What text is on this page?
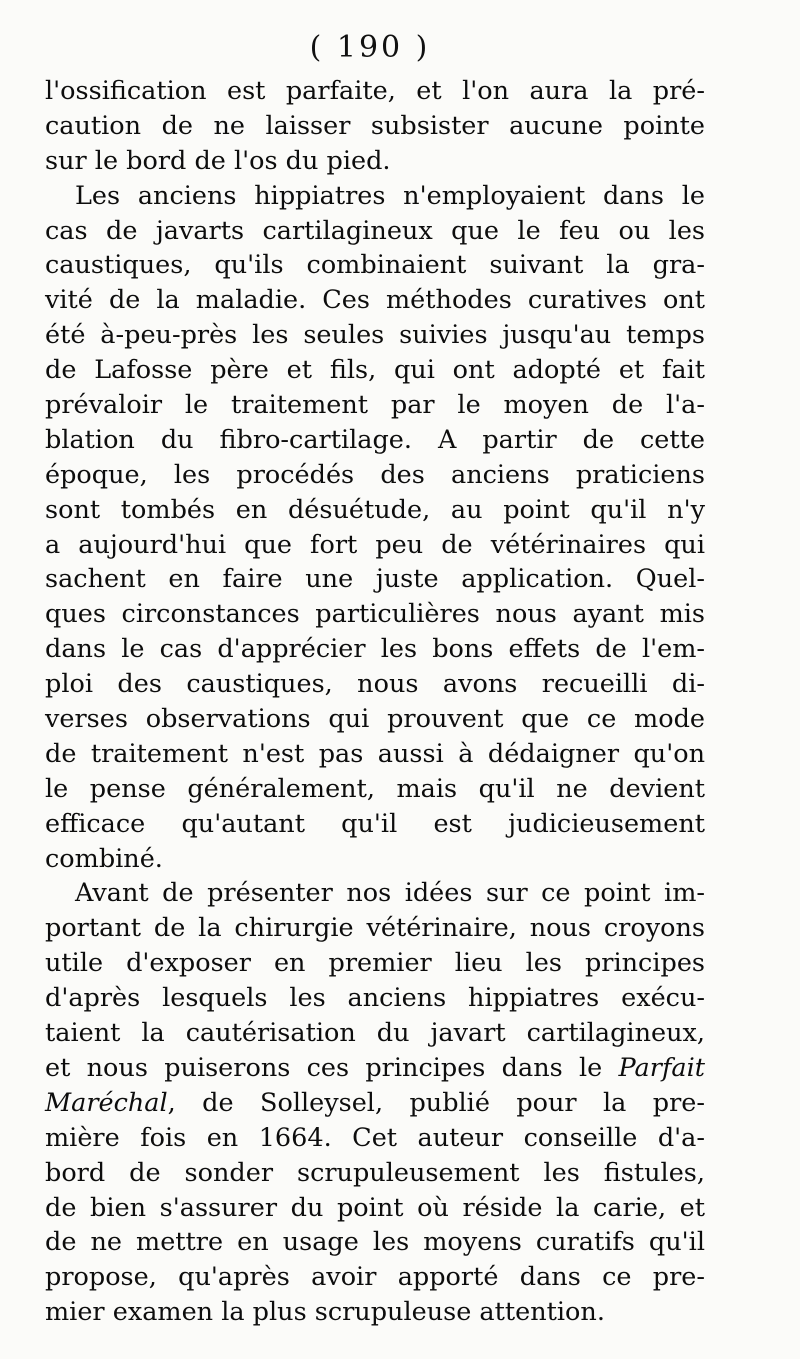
( 190 )
l'ossification est parfaite, et l'on aura la pré-
caution de ne laisser subsister aucune pointe
sur le bord de l'os du pied.
Les anciens hippiatres n'employaient dans le
cas de javarts cartilagineux que le feu ou les
caustiques, qu'ils combinaient suivant la gra-
vité de la maladie. Ces méthodes curatives ont
été à-peu-près les seules suivies jusqu'au temps
de Lafosse père et fils, qui ont adopté et fait
prévaloir le traitement par le moyen de l'a-
blation du fibro-cartilage. A partir de cette
époque, les procédés des anciens praticiens
sont tombés en désuétude, au point qu'il n'y
a aujourd'hui que fort peu de vétérinaires qui
sachent en faire une juste application. Quel-
ques circonstances particulières nous ayant mis
dans le cas d'apprécier les bons effets de l'em-
ploi des caustiques, nous avons recueilli di-
verses observations qui prouvent que ce mode
de traitement n'est pas aussi à dédaigner qu'on
le pense généralement, mais qu'il ne devient
efficace qu'autant qu'il est judicieusement
combiné.
Avant de présenter nos idées sur ce point im-
portant de la chirurgie vétérinaire, nous croyons
utile d'exposer en premier lieu les principes
d'après lesquels les anciens hippiatres exécu-
taient la cautérisation du javart cartilagineux,
et nous puiserons ces principes dans le Parfait
Maréchal, de Solleysel, publié pour la pre-
mière fois en 1664. Cet auteur conseille d'a-
bord de sonder scrupuleusement les fistules,
de bien s'assurer du point où réside la carie, et
de ne mettre en usage les moyens curatifs qu'il
propose, qu'après avoir apporté dans ce pre-
mier examen la plus scrupuleuse attention.
